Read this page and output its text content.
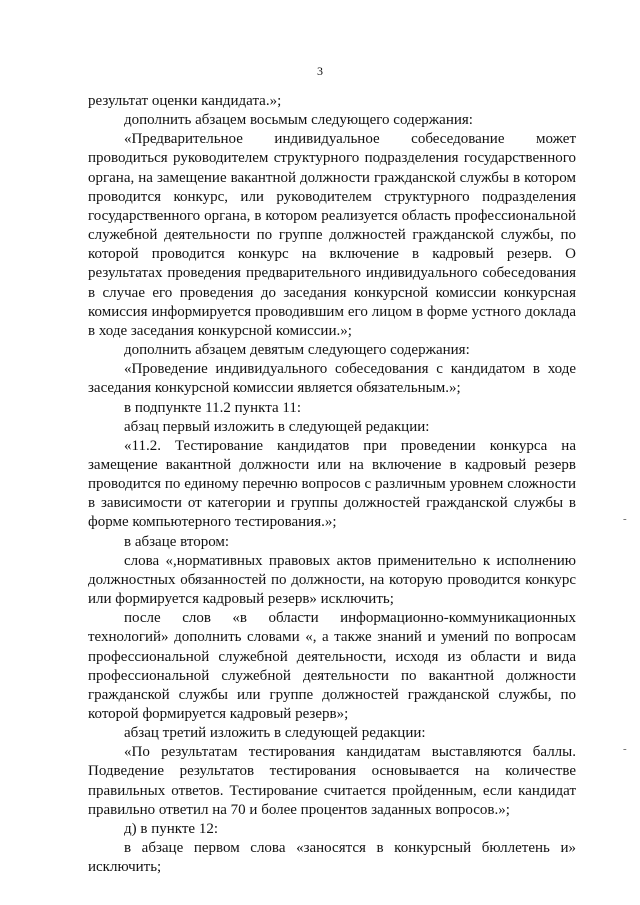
3

результат оценки кандидата.»;

дополнить абзацем восьмым следующего содержания:

«Предварительное индивидуальное собеседование может проводиться руководителем структурного подразделения государственного органа, на замещение вакантной должности гражданской службы в котором проводится конкурс, или руководителем структурного подразделения государственного органа, в котором реализуется область профессиональной служебной деятельности по группе должностей гражданской службы, по которой проводится конкурс на включение в кадровый резерв. О результатах проведения предварительного индивидуального собеседования в случае его проведения до заседания конкурсной комиссии конкурсная комиссия информируется проводившим его лицом в форме устного доклада в ходе заседания конкурсной комиссии.»;

дополнить абзацем девятым следующего содержания:

«Проведение индивидуального собеседования с кандидатом в ходе заседания конкурсной комиссии является обязательным.»;

в подпункте 11.2 пункта 11:

абзац первый изложить в следующей редакции:

«11.2. Тестирование кандидатов при проведении конкурса на замещение вакантной должности или на включение в кадровый резерв проводится по единому перечню вопросов с различным уровнем сложности в зависимости от категории и группы должностей гражданской службы в форме компьютерного тестирования.»;

в абзаце втором:

слова «,нормативных правовых актов применительно к исполнению должностных обязанностей по должности, на которую проводится конкурс или формируется кадровый резерв» исключить;

после слов «в области информационно-коммуникационных технологий» дополнить словами «, а также знаний и умений по вопросам профессиональной служебной деятельности, исходя из области и вида профессиональной служебной деятельности по вакантной должности гражданской службы или группе должностей гражданской службы, по которой формируется кадровый резерв»;

абзац третий изложить в следующей редакции:

«По результатам тестирования кандидатам выставляются баллы. Подведение результатов тестирования основывается на количестве правильных ответов. Тестирование считается пройденным, если кандидат правильно ответил на 70 и более процентов заданных вопросов.»;

д) в пункте 12:

в абзаце первом слова «заносятся в конкурсный бюллетень и» исключить;

-
-
